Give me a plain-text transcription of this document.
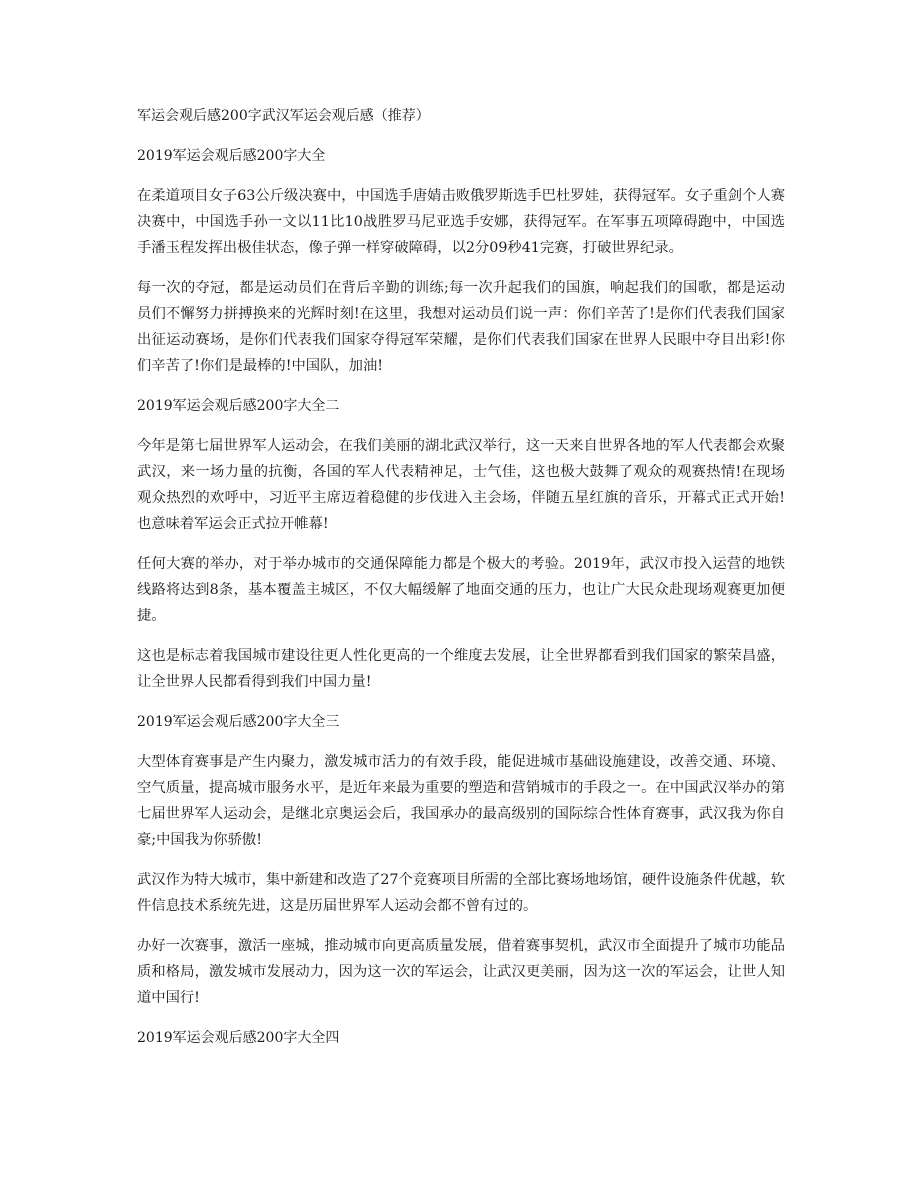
军运会观后感200字武汉军运会观后感（推荐）
2019军运会观后感200字大全

在柔道项目女子63公斤级决赛中，中国选手唐婧击败俄罗斯选手巴杜罗娃，获得冠军。女子重剑个人赛决赛中，中国选手孙一文以11比10战胜罗马尼亚选手安娜，获得冠军。在军事五项障碍跑中，中国选手潘玉程发挥出极佳状态，像子弹一样穿破障碍，以2分09秒41完赛，打破世界纪录。

每一次的夺冠，都是运动员们在背后辛勤的训练;每一次升起我们的国旗，响起我们的国歌，都是运动员们不懈努力拼搏换来的光辉时刻!在这里，我想对运动员们说一声：你们辛苦了!是你们代表我们国家出征运动赛场，是你们代表我们国家夺得冠军荣耀，是你们代表我们国家在世界人民眼中夺目出彩!你们辛苦了!你们是最棒的!中国队，加油!

2019军运会观后感200字大全二

今年是第七届世界军人运动会，在我们美丽的湖北武汉举行，这一天来自世界各地的军人代表都会欢聚武汉，来一场力量的抗衡，各国的军人代表精神足，士气佳，这也极大鼓舞了观众的观赛热情!在现场观众热烈的欢呼中，习近平主席迈着稳健的步伐进入主会场，伴随五星红旗的音乐，开幕式正式开始!也意味着军运会正式拉开帷幕!

任何大赛的举办，对于举办城市的交通保障能力都是个极大的考验。2019年，武汉市投入运营的地铁线路将达到8条，基本覆盖主城区，不仅大幅缓解了地面交通的压力，也让广大民众赴现场观赛更加便捷。

这也是标志着我国城市建设往更人性化更高的一个维度去发展，让全世界都看到我们国家的繁荣昌盛，让全世界人民都看得到我们中国力量!

2019军运会观后感200字大全三

大型体育赛事是产生内聚力，激发城市活力的有效手段，能促进城市基础设施建设，改善交通、环境、空气质量，提高城市服务水平，是近年来最为重要的塑造和营销城市的手段之一。在中国武汉举办的第七届世界军人运动会，是继北京奥运会后，我国承办的最高级别的国际综合性体育赛事，武汉我为你自豪;中国我为你骄傲!

武汉作为特大城市，集中新建和改造了27个竞赛项目所需的全部比赛场地场馆，硬件设施条件优越，软件信息技术系统先进，这是历届世界军人运动会都不曾有过的。

办好一次赛事，激活一座城，推动城市向更高质量发展，借着赛事契机，武汉市全面提升了城市功能品质和格局，激发城市发展动力，因为这一次的军运会，让武汉更美丽，因为这一次的军运会，让世人知道中国行!

2019军运会观后感200字大全四
